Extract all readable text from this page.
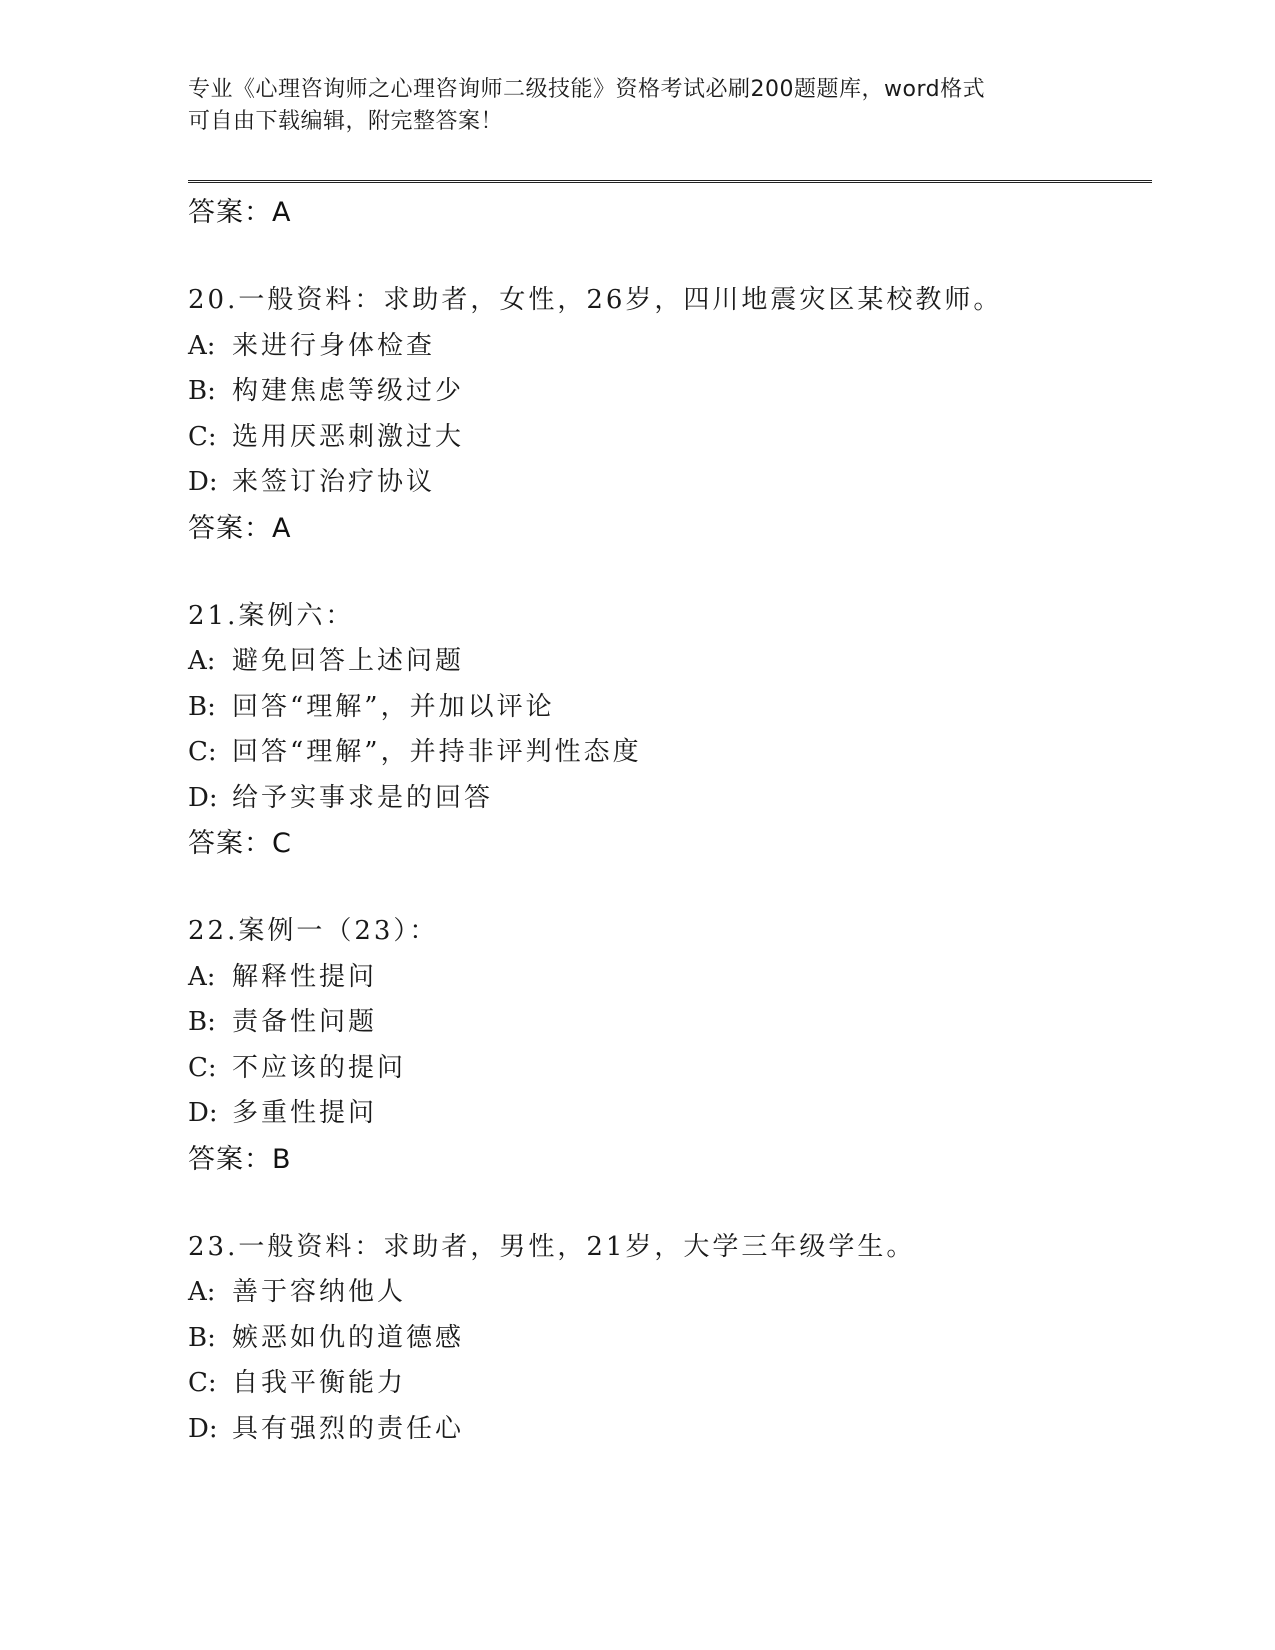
专业《心理咨询师之心理咨询师二级技能》资格考试必刷200题题库，word格式
可自由下载编辑，附完整答案！
答案：A
20.一般资料：求助者，女性，26岁，四川地震灾区某校教师。
A: 来进行身体检查
B: 构建焦虑等级过少
C: 选用厌恶刺激过大
D: 来签订治疗协议
答案：A
21.案例六：
A: 避免回答上述问题
B: 回答“理解”，并加以评论
C: 回答“理解”，并持非评判性态度
D: 给予实事求是的回答
答案：C
22.案例一（23）：
A: 解释性提问
B: 责备性问题
C: 不应该的提问
D: 多重性提问
答案：B
23.一般资料：求助者，男性，21岁，大学三年级学生。
A: 善于容纳他人
B: 嫉恶如仇的道德感
C: 自我平衡能力
D: 具有强烈的责任心
